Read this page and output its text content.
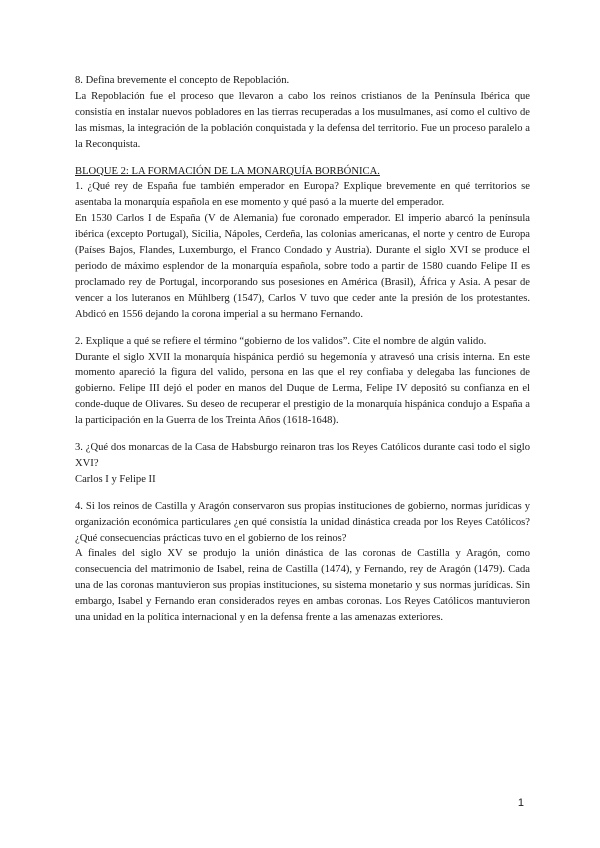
8. Defina brevemente el concepto de Repoblación.

La Repoblación fue el proceso que llevaron a cabo los reinos cristianos de la Península Ibérica que consistía en instalar nuevos pobladores en las tierras recuperadas a los musulmanes, así como el cultivo de las mismas, la integración de la población conquistada y la defensa del territorio. Fue un proceso paralelo a la Reconquista.

BLOQUE 2: LA FORMACIÓN DE LA MONARQUÍA BORBÓNICA.

1. ¿Qué rey de España fue también emperador en Europa? Explique brevemente en qué territorios se asentaba la monarquía española en ese momento y qué pasó a la muerte del emperador.

En 1530 Carlos I de España (V de Alemania) fue coronado emperador. El imperio abarcó la península ibérica (excepto Portugal), Sicilia, Nápoles, Cerdeña, las colonias americanas, el norte y centro de Europa (Países Bajos, Flandes, Luxemburgo, el Franco Condado y Austria). Durante el siglo XVI se produce el periodo de máximo esplendor de la monarquía española, sobre todo a partir de 1580 cuando Felipe II es proclamado rey de Portugal, incorporando sus posesiones en América (Brasil), África y Asia. A pesar de vencer a los luteranos en Mühlberg (1547), Carlos V tuvo que ceder ante la presión de los protestantes. Abdicó en 1556 dejando la corona imperial a su hermano Fernando.

2. Explique a qué se refiere el término “gobierno de los validos”. Cite el nombre de algún valido.

Durante el siglo XVII la monarquía hispánica perdió su hegemonía y atravesó una crisis interna. En este momento apareció la figura del valido, persona en las que el rey confiaba y delegaba las funciones de gobierno. Felipe III dejó el poder en manos del Duque de Lerma, Felipe IV depositó su confianza en el conde-duque de Olivares. Su deseo de recuperar el prestigio de la monarquía hispánica condujo a España a la participación en la Guerra de los Treinta Años (1618-1648).

3. ¿Qué dos monarcas de la Casa de Habsburgo reinaron tras los Reyes Católicos durante casi todo el siglo XVI?

Carlos I y Felipe II

4. Si los reinos de Castilla y Aragón conservaron sus propias instituciones de gobierno, normas jurídicas y organización económica particulares ¿en qué consistía la unidad dinástica creada por los Reyes Católicos? ¿Qué consecuencias prácticas tuvo en el gobierno de los reinos?

A finales del siglo XV se produjo la unión dinástica de las coronas de Castilla y Aragón, como consecuencia del matrimonio de Isabel, reina de Castilla (1474), y Fernando, rey de Aragón (1479). Cada una de las coronas mantuvieron sus propias instituciones, su sistema monetario y sus normas jurídicas. Sin embargo, Isabel y Fernando eran considerados reyes en ambas coronas. Los Reyes Católicos mantuvieron una unidad en la política internacional y en la defensa frente a las amenazas exteriores.

1
